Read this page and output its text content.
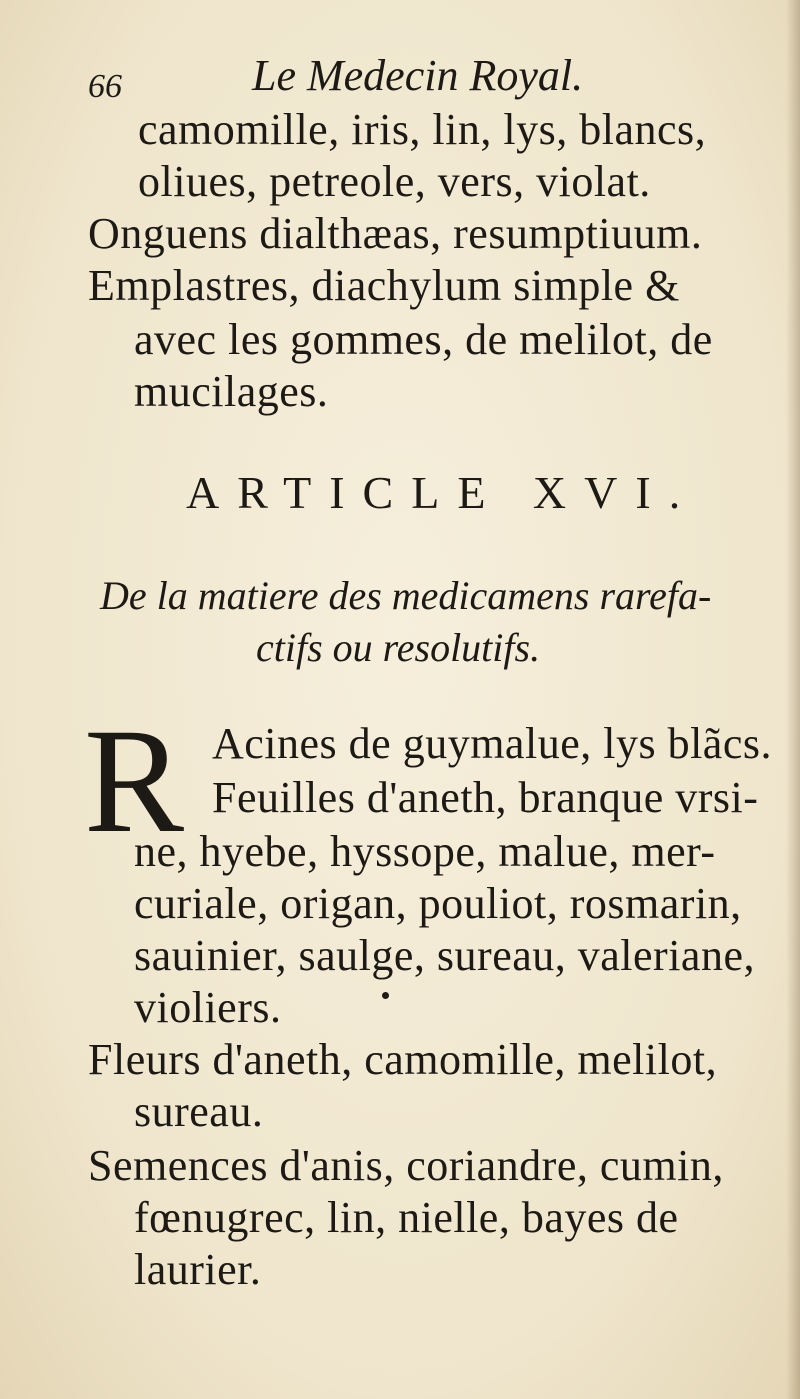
66	Le Medecin Royal.
camomille, iris, lin, lys, blancs,
oliues, petreole, vers, violat.
Onguens dialthæas, resumptiuum.
Emplastres, diachylum simple &
avec les gommes, de melilot, de
mucilages.
ARTICLE XVI.
De la matiere des medicamens rarefa-
ctifs ou resolutifs.
R Acines de guymalue, lys blãcs.
Feuilles d'aneth, branque vrsi-
ne, hyebe, hyssope, malue, mer-
curiale, origan, pouliot, rosmarin,
sauinier, saulge, sureau, valeriane,
violiers.
Fleurs d'aneth, camomille, melilot,
sureau.
Semences d'anis, coriandre, cumin,
fœnugrec, lin, nielle, bayes de
laurier.
